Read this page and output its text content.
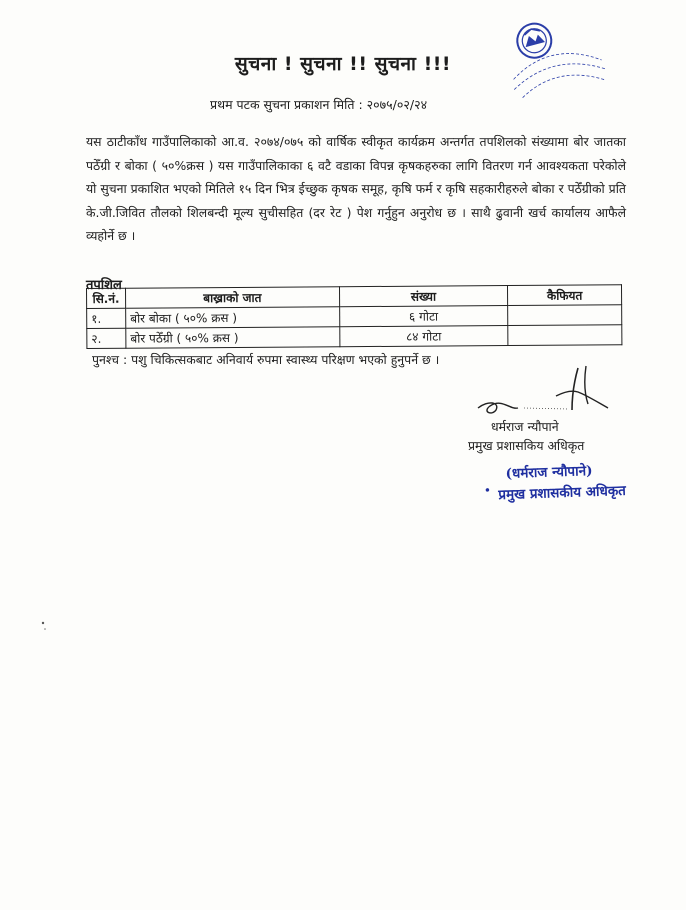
सुचना ! सुचना !! सुचना !!!
प्रथम पटक सुचना प्रकाशन मिति : २०७५/०२/२४
यस ठाटीकाँध गाउँपालिकाको आ.व. २०७४/०७५ को वार्षिक स्वीकृत कार्यक्रम अन्तर्गत तपशिलको संख्यामा बोर जातका पठेँग्री र बोका ( ५०%क्रस ) यस गाउँपालिकाका ६ वटै वडाका विपन्न कृषकहरुका लागि वितरण गर्न आवश्यकता परेकोले यो सुचना प्रकाशित भएको मितिले १५ दिन भित्र ईच्छुक कृषक समूह, कृषि फर्म र कृषि सहकारीहरुले बोका र पठेँग्रीको प्रति के.जी.जिवित तौलको शिलबन्दी मूल्य सुचीसहित (दर रेट ) पेश गर्नुहुन अनुरोध छ । साथै ढुवानी खर्च कार्यालय आफैले व्यहोर्ने छ ।
तपशिल
सि.नं.	बाख्राको जात	संख्या	कैफियत
१.	बोर बोका ( ५०% क्रस )	६ गोटा	
२.	बोर पठेँग्री ( ५०% क्रस )	८४ गोटा	
पुनश्च : पशु चिकित्सकबाट अनिवार्य रुपमा स्वास्थ्य परिक्षण भएको हुनुपर्ने छ ।
धर्मराज न्यौपाने
प्रमुख प्रशासकिय अधिकृत
•
(धर्मराज न्यौपाने)
प्रमुख प्रशासकीय अधिकृत
